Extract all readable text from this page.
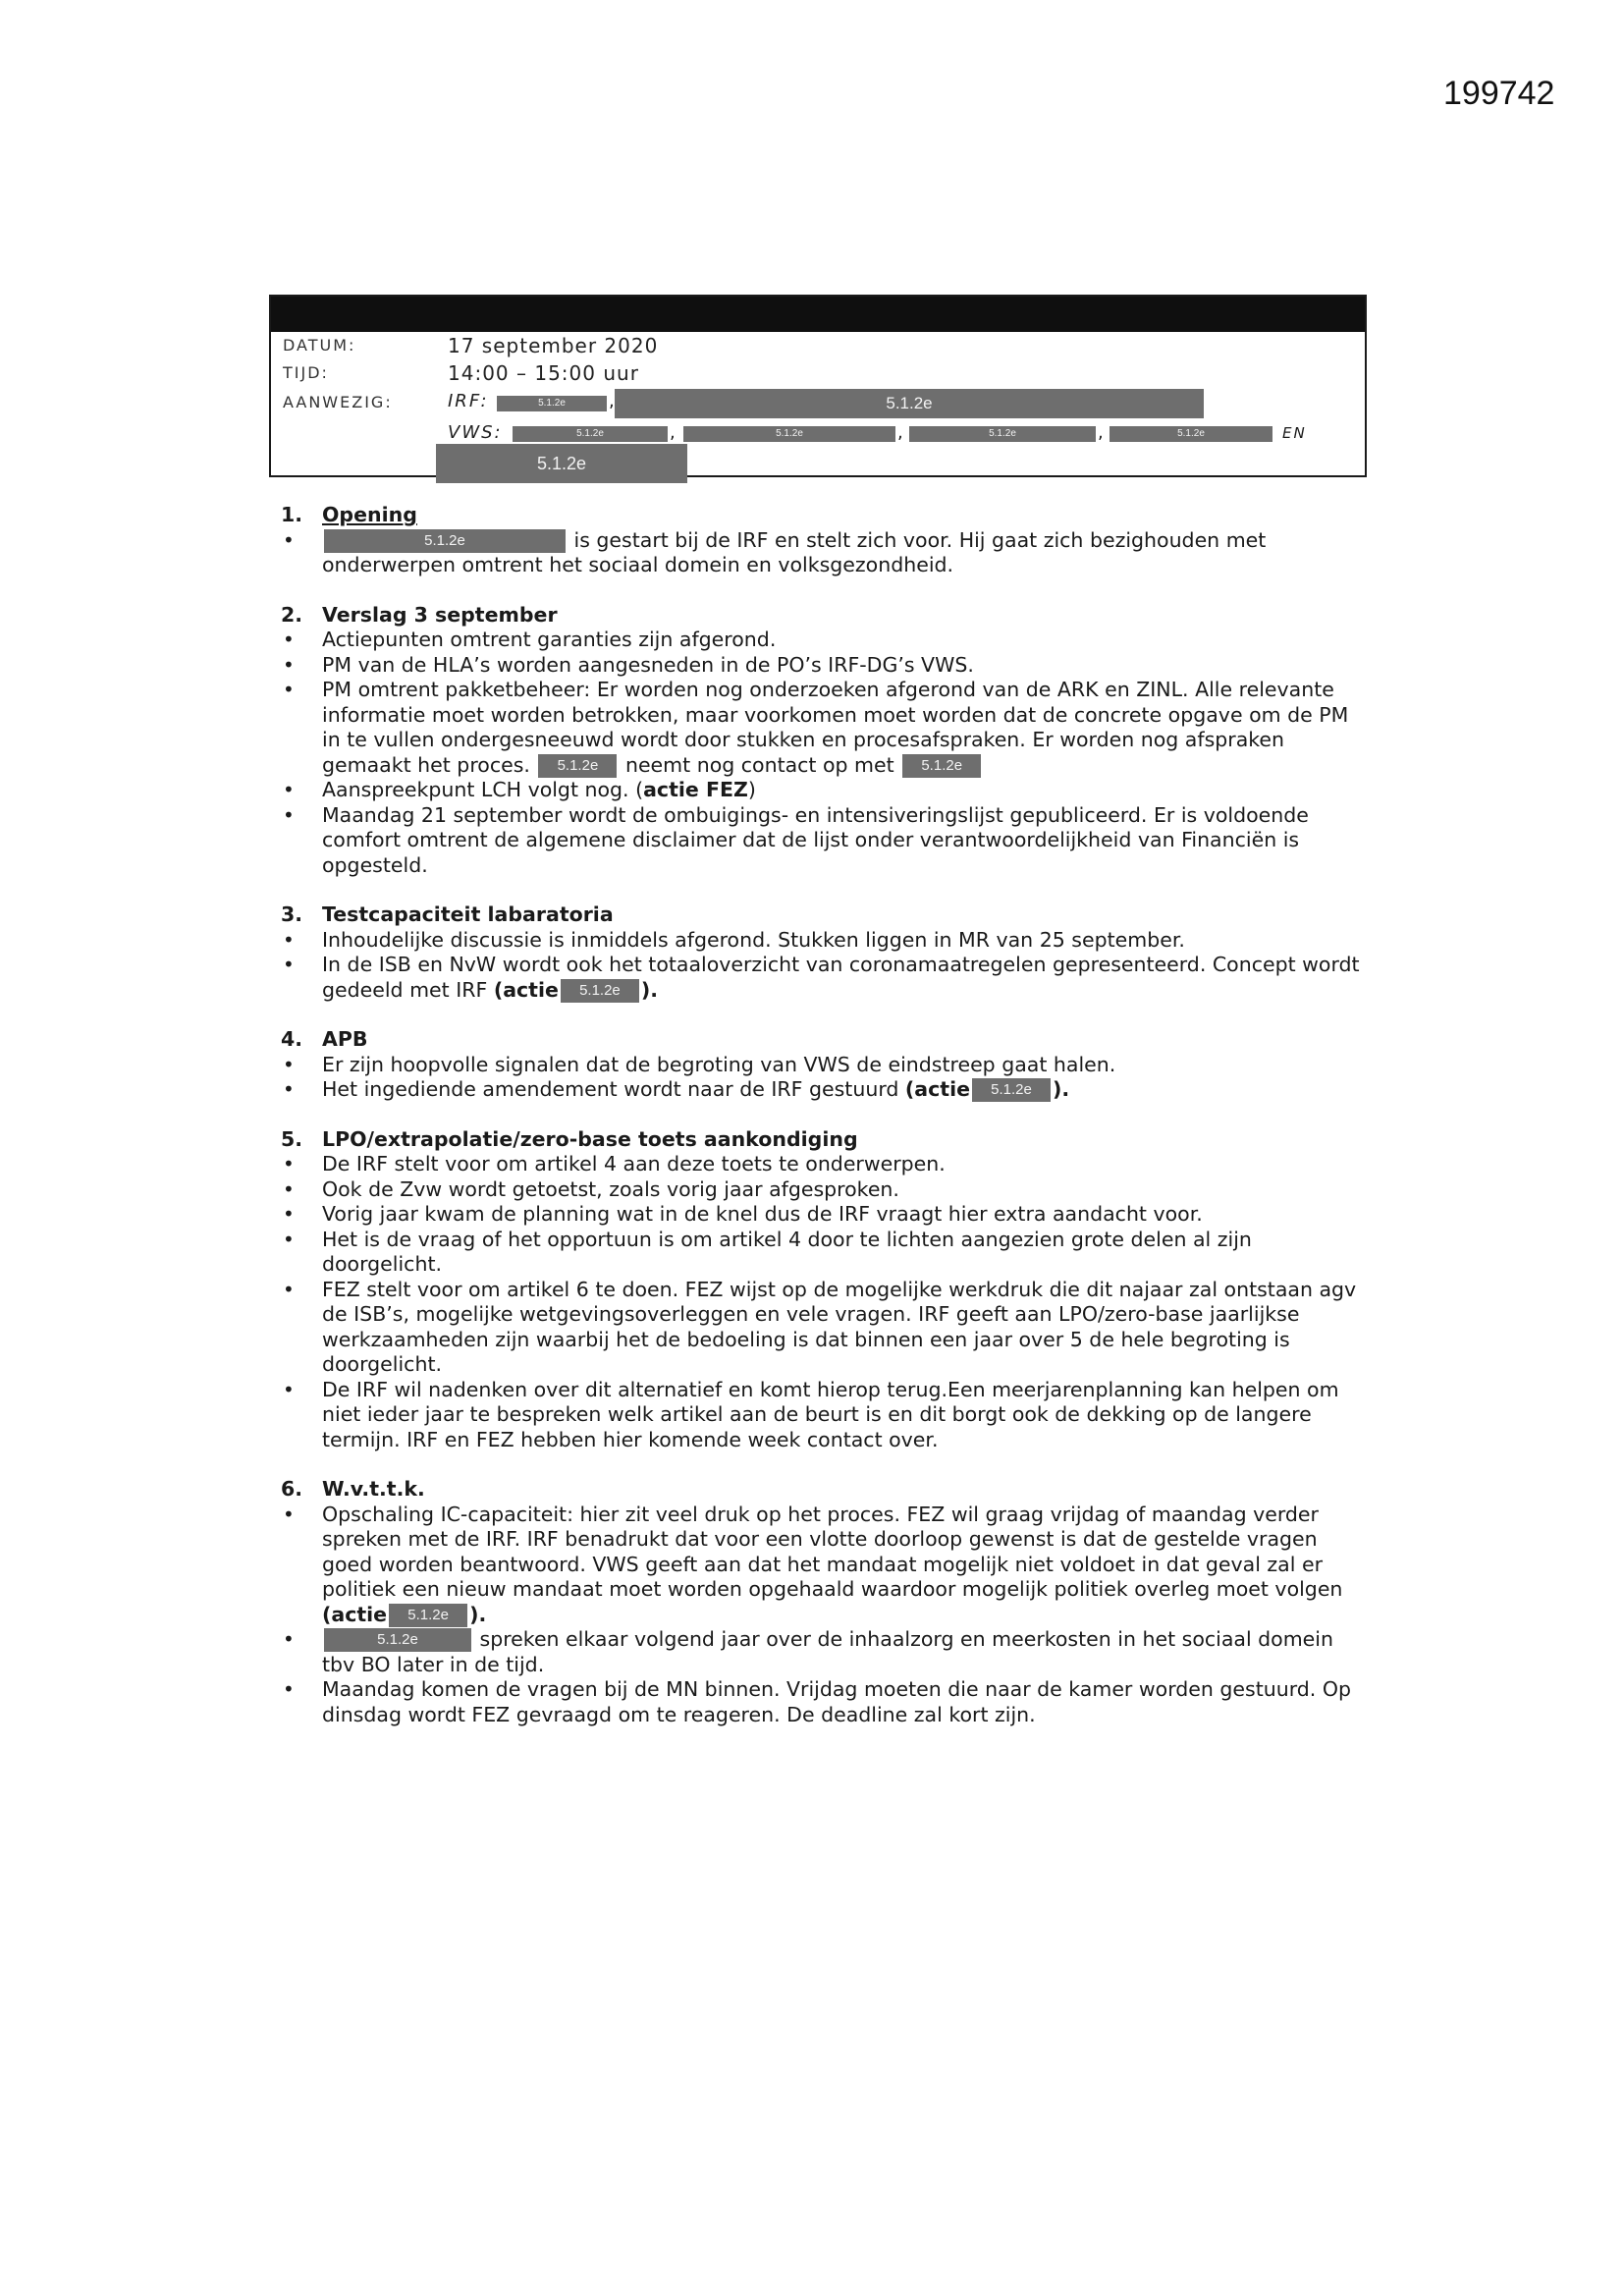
199742
DATUM:	17 september 2020
TIJD:	14:00 – 15:00 uur
AANWEZIG:	IRF:	5.1.2e	,	5.1.2e
VWS:	5.1.2e	,	5.1.2e	,	5.1.2e	,	5.1.2e	EN
5.1.2e
1. Opening
• 5.1.2e	is gestart bij de IRF en stelt zich voor. Hij gaat zich bezighouden met onderwerpen omtrent het sociaal domein en volksgezondheid.
2. Verslag 3 september
• Actiepunten omtrent garanties zijn afgerond.
• PM van de HLA’s worden aangesneden in de PO’s IRF-DG’s VWS.
• PM omtrent pakketbeheer: Er worden nog onderzoeken afgerond van de ARK en ZINL. Alle relevante informatie moet worden betrokken, maar voorkomen moet worden dat de concrete opgave om de PM in te vullen ondergesneeuwd wordt door stukken en procesafspraken. Er worden nog afspraken gemaakt het proces. 5.1.2e neemt nog contact op met 5.1.2e
• Aanspreekpunt LCH volgt nog. (actie FEZ)
• Maandag 21 september wordt de ombuigings- en intensiveringslijst gepubliceerd. Er is voldoende comfort omtrent de algemene disclaimer dat de lijst onder verantwoordelijkheid van Financiën is opgesteld.
3. Testcapaciteit labaratoria
• Inhoudelijke discussie is inmiddels afgerond. Stukken liggen in MR van 25 september.
• In de ISB en NvW wordt ook het totaaloverzicht van coronamaatregelen gepresenteerd. Concept wordt gedeeld met IRF (actie 5.1.2e ).
4. APB
• Er zijn hoopvolle signalen dat de begroting van VWS de eindstreep gaat halen.
• Het ingediende amendement wordt naar de IRF gestuurd (actie 5.1.2e ).
5. LPO/extrapolatie/zero-base toets aankondiging
• De IRF stelt voor om artikel 4 aan deze toets te onderwerpen.
• Ook de Zvw wordt getoetst, zoals vorig jaar afgesproken.
• Vorig jaar kwam de planning wat in de knel dus de IRF vraagt hier extra aandacht voor.
• Het is de vraag of het opportuun is om artikel 4 door te lichten aangezien grote delen al zijn doorgelicht.
• FEZ stelt voor om artikel 6 te doen. FEZ wijst op de mogelijke werkdruk die dit najaar zal ontstaan agv de ISB’s, mogelijke wetgevingsoverleggen en vele vragen. IRF geeft aan LPO/zero-base jaarlijkse werkzaamheden zijn waarbij het de bedoeling is dat binnen een jaar over 5 de hele begroting is doorgelicht.
• De IRF wil nadenken over dit alternatief en komt hierop terug.Een meerjarenplanning kan helpen om niet ieder jaar te bespreken welk artikel aan de beurt is en dit borgt ook de dekking op de langere termijn. IRF en FEZ hebben hier komende week contact over.
6. W.v.t.t.k.
• Opschaling IC-capaciteit: hier zit veel druk op het proces. FEZ wil graag vrijdag of maandag verder spreken met de IRF. IRF benadrukt dat voor een vlotte doorloop gewenst is dat de gestelde vragen goed worden beantwoord. VWS geeft aan dat het mandaat mogelijk niet voldoet in dat geval zal er politiek een nieuw mandaat moet worden opgehaald waardoor mogelijk politiek overleg moet volgen (actie 5.1.2e ).
• 5.1.2e	spreken elkaar volgend jaar over de inhaalzorg en meerkosten in het sociaal domein tbv BO later in de tijd.
• Maandag komen de vragen bij de MN binnen. Vrijdag moeten die naar de kamer worden gestuurd. Op dinsdag wordt FEZ gevraagd om te reageren. De deadline zal kort zijn.
